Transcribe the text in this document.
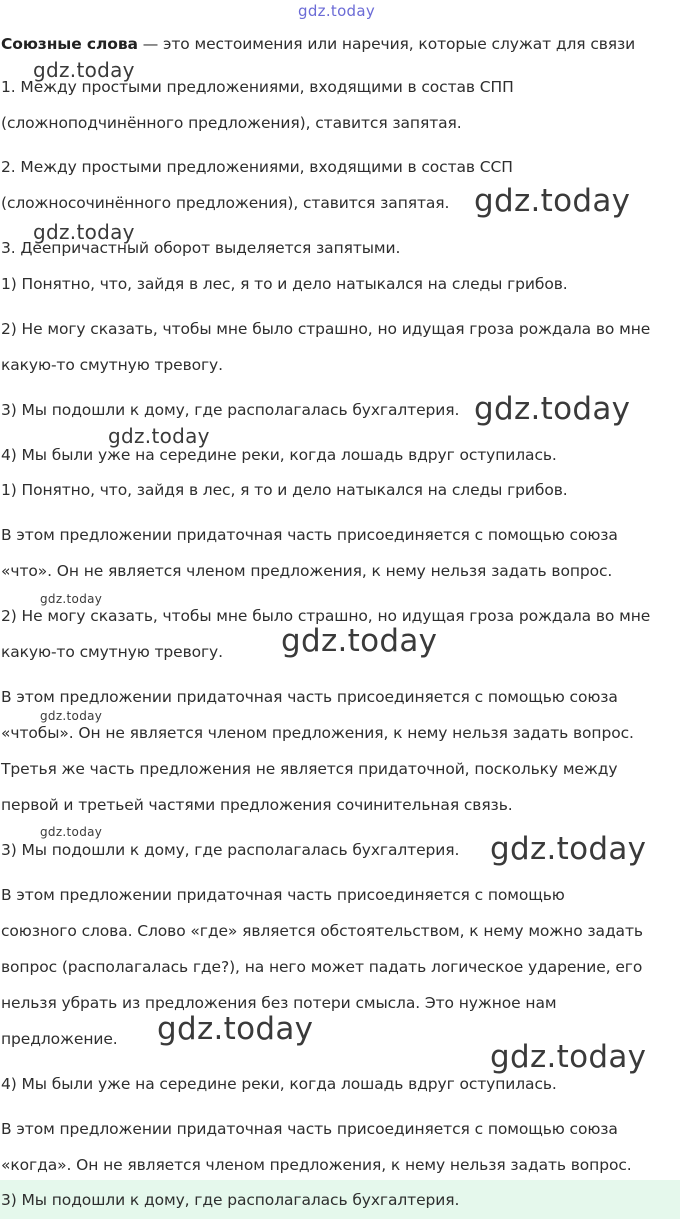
gdz.today
gdz.today
gdz.today
gdz.today
gdz.today
gdz.today
gdz.today
gdz.today
gdz.today
gdz.today	gdz.today
gdz.today
gdz.today
Союзные слова — это местоимения или наречия, которые служат для связи
1. Между простыми предложениями, входящими в состав СПП
(сложноподчинённого предложения), ставится запятая.
2. Между простыми предложениями, входящими в состав ССП
(сложносочинённого предложения), ставится запятая.
3. Деепричастный оборот выделяется запятыми.
1) Понятно, что, зайдя в лес, я то и дело натыкался на следы грибов.
2) Не могу сказать, чтобы мне было страшно, но идущая гроза рождала во мне
какую-то смутную тревогу.
3) Мы подошли к дому, где располагалась бухгалтерия.
4) Мы были уже на середине реки, когда лошадь вдруг оступилась.
1) Понятно, что, зайдя в лес, я то и дело натыкался на следы грибов.
В этом предложении придаточная часть присоединяется с помощью союза
«что». Он не является членом предложения, к нему нельзя задать вопрос.
2) Не могу сказать, чтобы мне было страшно, но идущая гроза рождала во мне
какую-то смутную тревогу.
В этом предложении придаточная часть присоединяется с помощью союза
«чтобы». Он не является членом предложения, к нему нельзя задать вопрос.
Третья же часть предложения не является придаточной, поскольку между
первой и третьей частями предложения сочинительная связь.
3) Мы подошли к дому, где располагалась бухгалтерия.
В этом предложении придаточная часть присоединяется с помощью
союзного слова. Слово «где» является обстоятельством, к нему можно задать
вопрос (располагалась где?), на него может падать логическое ударение, его
нельзя убрать из предложения без потери смысла. Это нужное нам
предложение.
4) Мы были уже на середине реки, когда лошадь вдруг оступилась.
В этом предложении придаточная часть присоединяется с помощью союза
«когда». Он не является членом предложения, к нему нельзя задать вопрос.
3) Мы подошли к дому, где располагалась бухгалтерия.
